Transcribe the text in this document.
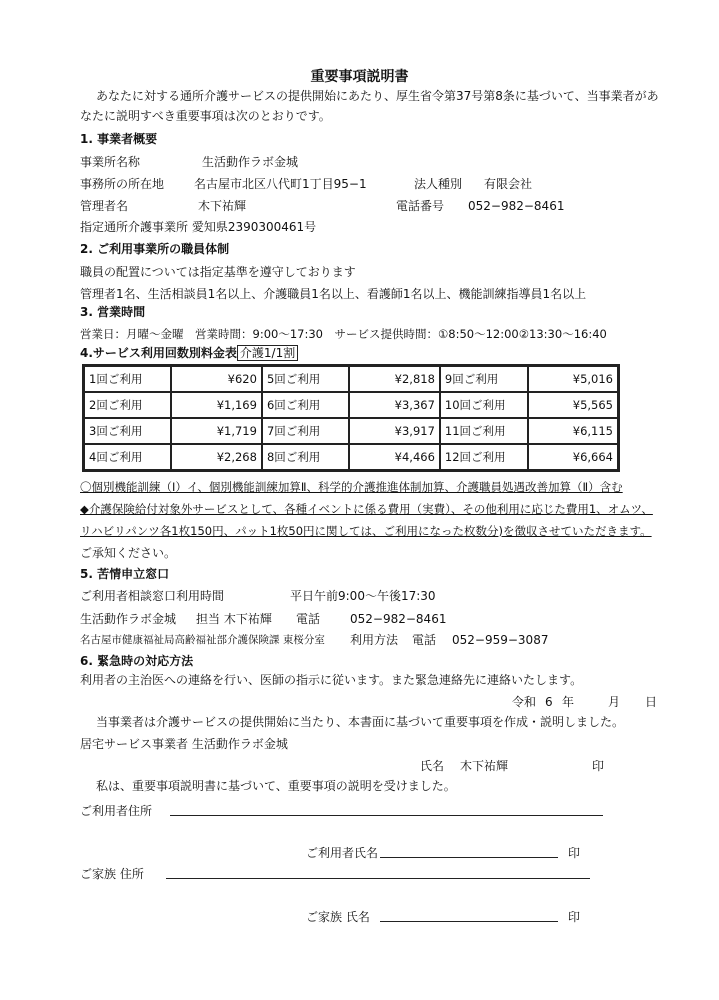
重要事項説明書
あなたに対する通所介護サービスの提供開始にあたり、厚生省令第37号第8条に基づいて、当事業者があ
なたに説明すべき重要事項は次のとおりです。
1. 事業者概要
事業所名称	生活動作ラボ金城
事務所の所在地 名古屋市北区八代町1丁目95−1	法人種別 有限会社
管理者名	木下祐輝	電話番号 052−982−8461
指定通所介護事業所 愛知県2390300461号
2. ご利用事業所の職員体制
職員の配置については指定基準を遵守しております
管理者1名、生活相談員1名以上、介護職員1名以上、看護師1名以上、機能訓練指導員1名以上
3. 営業時間
営業日：月曜～金曜　営業時間：9:00～17:30　サービス提供時間：①8:50～12:00②13:30～16:40
4.サービス利用回数別料金表 介護1/1割
1回ご利用	¥620	5回ご利用	¥2,818	9回ご利用	¥5,016
2回ご利用	¥1,169	6回ご利用	¥3,367	10回ご利用	¥5,565
3回ご利用	¥1,719	7回ご利用	¥3,917	11回ご利用	¥6,115
4回ご利用	¥2,268	8回ご利用	¥4,466	12回ご利用	¥6,664
〇個別機能訓練（Ⅰ）イ、個別機能訓練加算Ⅱ、科学的介護推進体制加算、介護職員処遇改善加算（Ⅱ）含む
◆介護保険給付対象外サービスとして、各種イベントに係る費用（実費）、その他利用に応じた費用1、オムツ、
リハビリパンツ各1枚150円、パット1枚50円に関しては、ご利用になった枚数分)を徴収させていただきます。
ご承知ください。
5. 苦情申立窓口
ご利用者相談窓口利用時間	平日午前9:00～午後17:30
生活動作ラボ金城 担当 木下祐輝 電話 052−982−8461
名古屋市健康福祉局高齢福祉部介護保険課 東桜分室 利用方法 電話 052−959−3087
6. 緊急時の対応方法
利用者の主治医への連絡を行い、医師の指示に従います。また緊急連絡先に連絡いたします。
令和 6 年	月 日
当事業者は介護サービスの提供開始に当たり、本書面に基づいて重要事項を作成・説明しました。
居宅サービス事業者 生活動作ラボ金城
氏名 木下祐輝	印
私は、重要事項説明書に基づいて、重要事項の説明を受けました。
ご利用者住所
ご利用者氏名	印
ご家族 住所
ご家族 氏名	印
